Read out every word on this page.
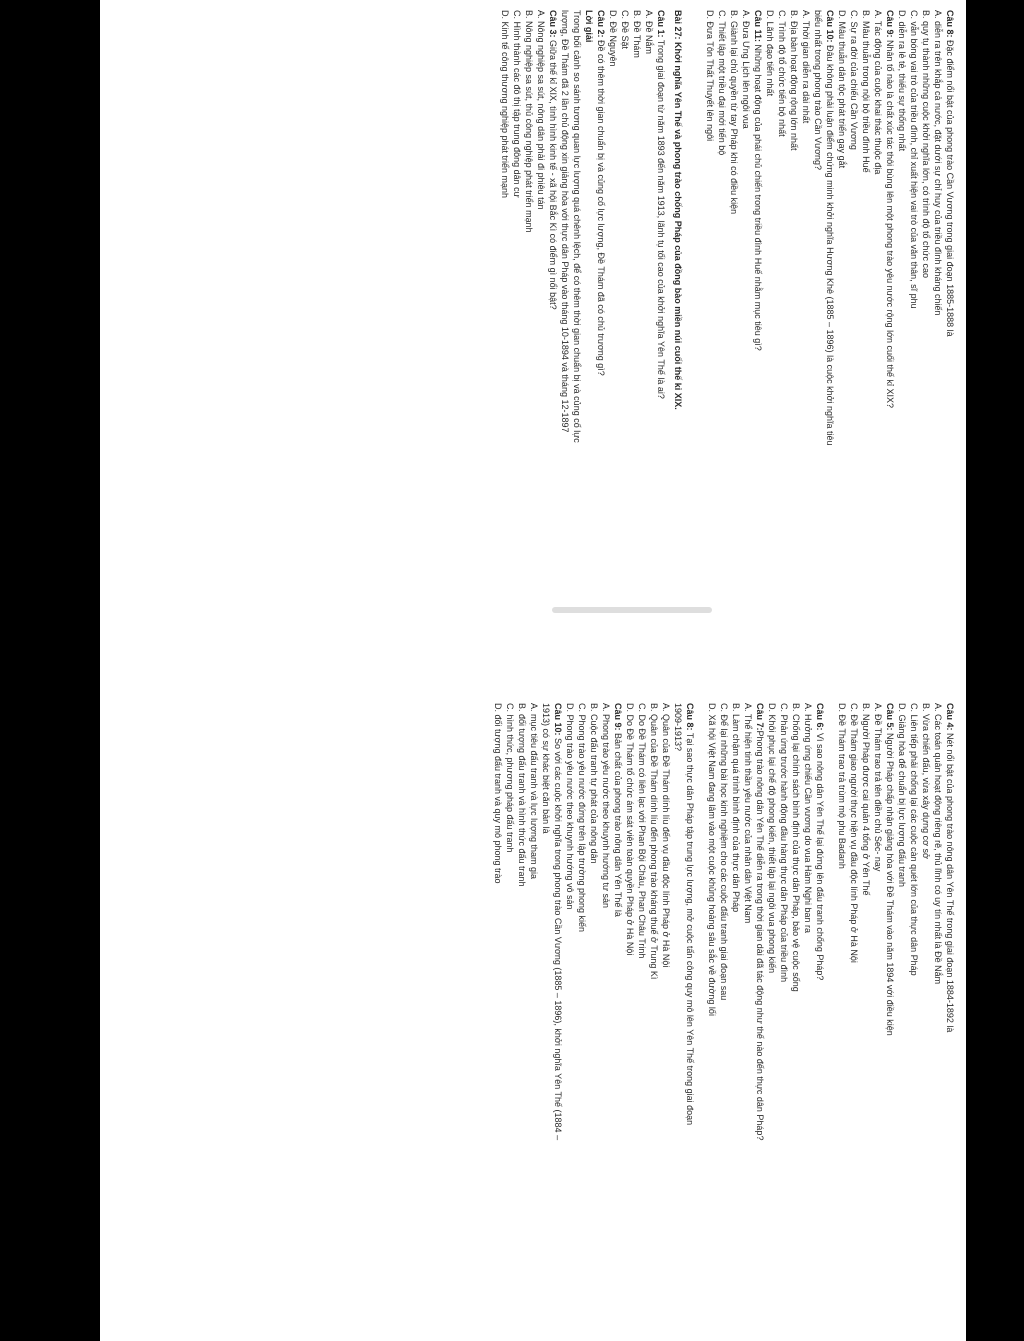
Câu 8: Đặc điểm nổi bật của phong trào Cần Vương trong giai đoạn 1885-1888 là

A. diễn ra trên khắp cả nước, đặt dưới sự chỉ huy của triều đình kháng chiến

B. quy tụ thành những cuộc khởi nghĩa lớn, có trình độ tổ chức cao

C. vẫn bóng vai trò của triều đình, chỉ xuất hiện vai trò của văn thân, sĩ phu

D. diễn ra lẻ tẻ, thiếu sự thống nhất

Câu 9: Nhân tố nào là chất xúc tác thôi bùng lên một phong trào yêu nước rộng lớn cuối thế kỉ XIX?

A. Tác động của cuộc khai thác thuộc địa

B. Mâu thuẫn trong nội bộ triều đình Huế

C. Sự ra đời của chiếu Cần Vương

D. Mâu thuẫn dân tộc phát triển gay gắt

Câu 10: Đâu không phải luận điểm chứng minh khởi nghĩa Hương Khê (1885 – 1896) là cuộc khởi nghĩa tiêu

biểu nhất trong phong trào Cần Vương?

A. Thời gian diễn ra dài nhất

B. Địa bàn hoạt động rộng lớn nhất

C. Trình độ tổ chức tiến bộ nhất

D. Lãnh đạo tiến nhất

Câu 11: Những hoạt động của phái chủ chiến trong triều đình Huế nhằm mục tiêu gì?

A. Đưa Ưng Lịch lên ngôi vua

B. Giành lại chủ quyền từ tay Pháp khi có điều kiện

C. Thiết lập một triều đại mới tiến bộ

D. Đưa Tôn Thất Thuyết lên ngôi

Bài 27: Khởi nghĩa Yên Thế và phong trào chống Pháp của đồng bào miền núi cuối thế kỉ XIX.

Câu 1: Trong giai đoạn từ năm 1893 đến năm 1913, lãnh tụ tối cao của khởi nghĩa Yên Thế là ai?

A. Đề Nắm

B. Đề Thám

C. Đề Sặt

D. Đề Nguyên

Câu 2: Đề có thêm thời gian chuẩn bị và củng cố lực lượng, Đề Thám đã có chủ trương gì?

Lời giải

Trong bối cảnh so sánh tương quan lực lượng quá chênh lệch, để có thêm thời gian chuẩn bị và củng cố lực

lượng, Đề Thám đã 2 lần chủ động xin giảng hòa với thực dân Pháp vào tháng 10-1894 và tháng 12-1897

Câu 3: Giữa thế kỉ XIX, tình hình kinh tế - xã hội Bắc Kì có điểm gì nổi bật?

A. Nông nghiệp sa sút, nông dân phải đi phiêu tán

B. Nông nghiệp sa sút, thủ công nghiệp phát triển mạnh

C. Hình thành các đô thị tập trung đông dân cư

D. Kinh tế công thương nghiệp phát triển mạnh

Câu 4: Nét nổi bật của phong trào nông dân Yên Thế trong giai đoạn 1884-1892 là

A. Các toán quân hoạt động riêng rẽ, thủ lĩnh có uy tín nhất là Đề Nắm

B. Vừa chiến đấu, vừa xây dựng cơ sở

C. Liên tiếp phải chống lại các cuộc càn quét lớn của thực dân Pháp

D. Giảng hòa để chuẩn bị lực lượng đấu tranh

Câu 5: Người Pháp chấp nhận giảng hòa với Đề Thám vào năm 1894 với điều kiện

A. Đề Thám trao trả tên điền chủ Séc- nay

B. Người Pháp được cai quản 4 tổng ở Yên Thế

C. Đề Thám giao người thực hiện vụ đầu độc lính Pháp ở Hà Nội

D. Đề Thám trao trả trùm mộ phu Badanh

Câu 6: Vì sao nông dân Yên Thế lại đứng lên đấu tranh chống Pháp?

A. Hưởng ứng chiếu Cần vương do vua Hàm Nghi ban ra

B. Chống lại chính sách bình định của thực dân Pháp, bảo vệ cuộc sống

C. Phản ứng trước hành động đầu hàng thực dân Pháp của triều đình

D. Khôi phục lại chế độ phong kiến, thiết lập lại ngôi vua phong kiến

Câu 7:Phong trào nông dân Yên Thế diễn ra trong thời gian dài đã tác động như thế nào đến thực dân Pháp?

A. Thể hiện tinh thần yêu nước của nhân dân Việt Nam

B. Làm chậm quá trình bình định của thực dân Pháp

C. Để lại những bài học kinh nghiệm cho các cuộc đấu tranh giai đoạn sau

D. Xã hội Việt Nam đang lâm vào một cuộc khủng hoảng sâu sắc về đường lối

Câu 8: Tại sao thực dân Pháp tập trung lực lượng, mở cuộc tấn công quy mô lên Yên Thế trong giai đoạn

1909-1913?

A. Quân của Đề Thám dính líu đến vụ đầu độc lính Pháp ở Hà Nội

B. Quân của Đề Thám dính líu đến phong trào kháng thuế ở Trung Kì

C. Do Đề Thám có liên lạc với Phan Bội Châu, Phan Châu Trinh

D. Do Đề Thám tổ chức ám sát viên toàn quyền Pháp ở Hà Nội

Câu 9: Bản chất của phong trào nông dân Yên Thế là

A. Phong trào yêu nước theo khuynh hướng tư sản

B. Cuộc đấu tranh tự phát của nông dân

C. Phong trào yêu nước đứng trên lập trường phong kiến

D. Phong trào yêu nước theo khuynh hướng vô sản

Câu 10: So với các cuộc khởi nghĩa trong phong trào Cần Vương (1885 – 1896), khởi nghĩa Yên Thế (1884 –

1913) có sự khác biệt căn bản là

A. mục tiêu đấu tranh và lực lượng tham gia

B. đối tượng đấu tranh và hình thức đấu tranh

C. hình thức, phương pháp đấu tranh

D. đối tượng đấu tranh và quy mô phong trào
